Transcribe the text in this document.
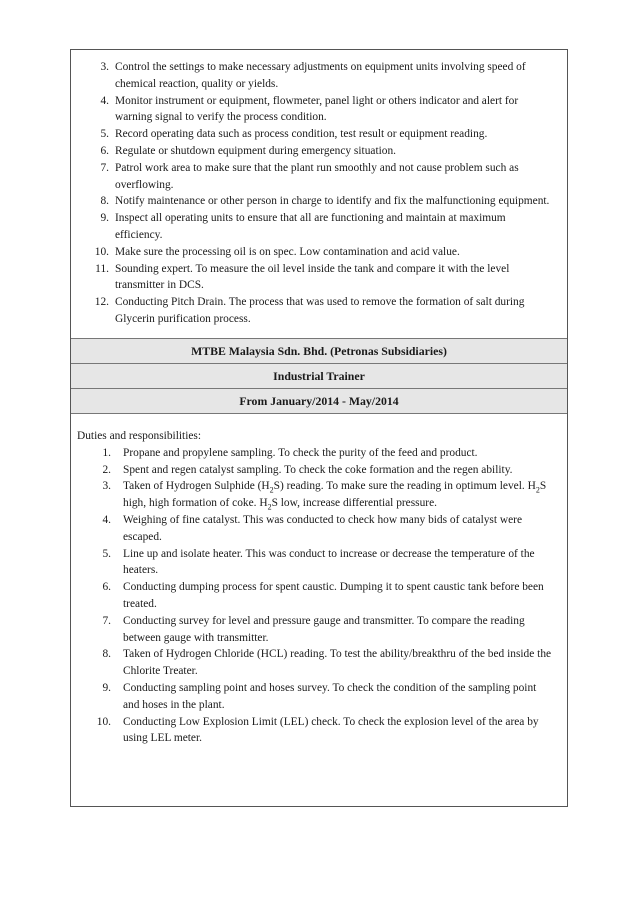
3. Control the settings to make necessary adjustments on equipment units involving speed of chemical reaction, quality or yields.
4. Monitor instrument or equipment, flowmeter, panel light or others indicator and alert for warning signal to verify the process condition.
5. Record operating data such as process condition, test result or equipment reading.
6. Regulate or shutdown equipment during emergency situation.
7. Patrol work area to make sure that the plant run smoothly and not cause problem such as overflowing.
8. Notify maintenance or other person in charge to identify and fix the malfunctioning equipment.
9. Inspect all operating units to ensure that all are functioning and maintain at maximum efficiency.
10. Make sure the processing oil is on spec. Low contamination and acid value.
11. Sounding expert. To measure the oil level inside the tank and compare it with the level transmitter in DCS.
12. Conducting Pitch Drain. The process that was used to remove the formation of salt during Glycerin purification process.
MTBE Malaysia Sdn. Bhd. (Petronas Subsidiaries)
Industrial Trainer
From January/2014 - May/2014
Duties and responsibilities:
1. Propane and propylene sampling. To check the purity of the feed and product.
2. Spent and regen catalyst sampling. To check the coke formation and the regen ability.
3. Taken of Hydrogen Sulphide $(H_2S)$ reading. To make sure the reading in optimum level. $H_2S$ high, high formation of coke. $H_2S$ low, increase differential pressure.
4. Weighing of fine catalyst. This was conducted to check how many bids of catalyst were escaped.
5. Line up and isolate heater. This was conduct to increase or decrease the temperature of the heaters.
6. Conducting dumping process for spent caustic. Dumping it to spent caustic tank before been treated.
7. Conducting survey for level and pressure gauge and transmitter. To compare the reading between gauge with transmitter.
8. Taken of Hydrogen Chloride (HCL) reading. To test the ability/breakthru of the bed inside the Chlorite Treater.
9. Conducting sampling point and hoses survey. To check the condition of the sampling point and hoses in the plant.
10. Conducting Low Explosion Limit (LEL) check. To check the explosion level of the area by using LEL meter.
